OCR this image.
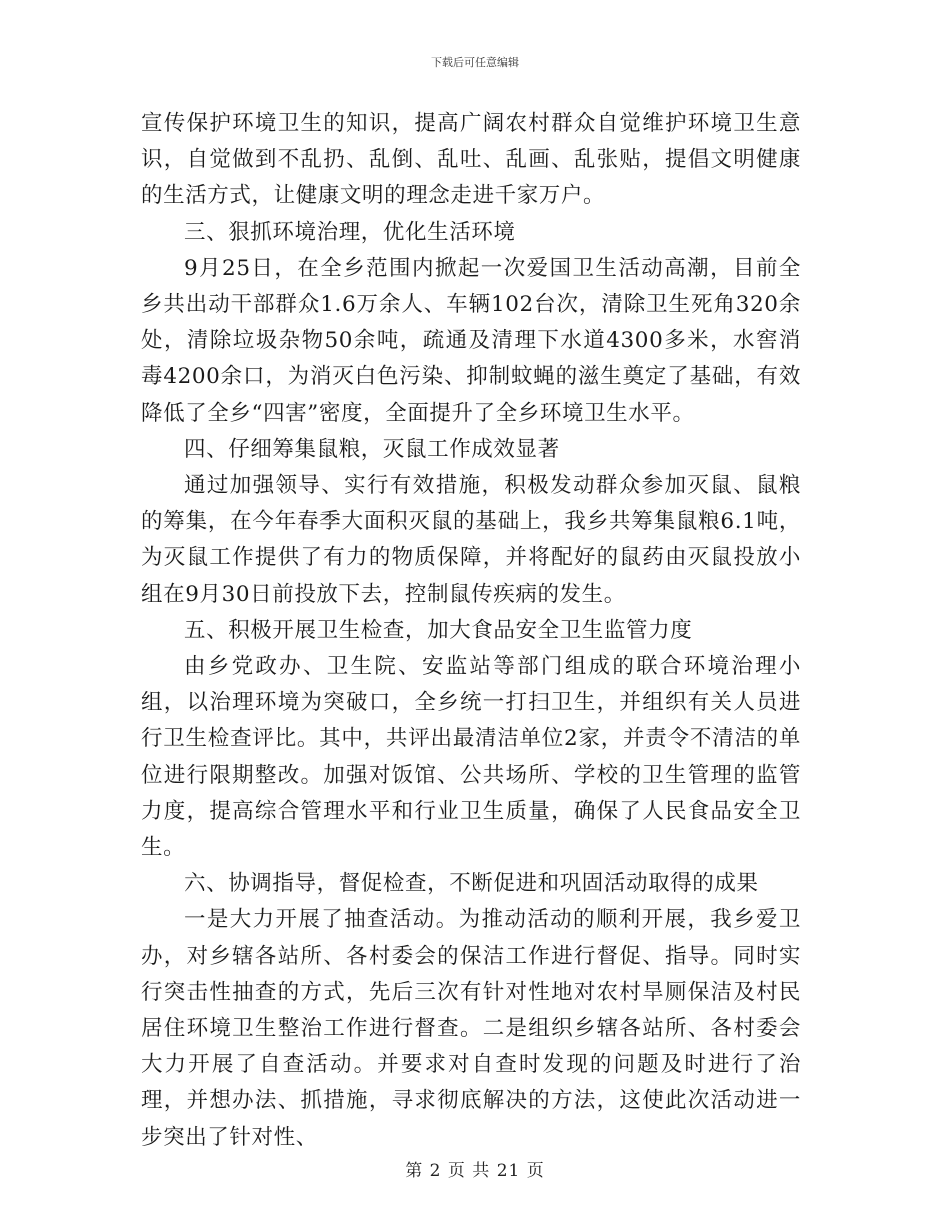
下载后可任意编辑

宣传保护环境卫生的知识，提高广阔农村群众自觉维护环境卫生意识，自觉做到不乱扔、乱倒、乱吐、乱画、乱张贴，提倡文明健康的生活方式，让健康文明的理念走进千家万户。

三、狠抓环境治理，优化生活环境

9月25日，在全乡范围内掀起一次爱国卫生活动高潮，目前全乡共出动干部群众1.6万余人、车辆102台次，清除卫生死角320余处，清除垃圾杂物50余吨，疏通及清理下水道4300多米，水窖消毒4200余口，为消灭白色污染、抑制蚊蝇的滋生奠定了基础，有效降低了全乡“四害”密度，全面提升了全乡环境卫生水平。

四、仔细筹集鼠粮，灭鼠工作成效显著

通过加强领导、实行有效措施，积极发动群众参加灭鼠、鼠粮的筹集，在今年春季大面积灭鼠的基础上，我乡共筹集鼠粮6.1吨，为灭鼠工作提供了有力的物质保障，并将配好的鼠药由灭鼠投放小组在9月30日前投放下去，控制鼠传疾病的发生。

五、积极开展卫生检查，加大食品安全卫生监管力度

由乡党政办、卫生院、安监站等部门组成的联合环境治理小组，以治理环境为突破口，全乡统一打扫卫生，并组织有关人员进行卫生检查评比。其中，共评出最清洁单位2家，并责令不清洁的单位进行限期整改。加强对饭馆、公共场所、学校的卫生管理的监管力度，提高综合管理水平和行业卫生质量，确保了人民食品安全卫生。

六、协调指导，督促检查，不断促进和巩固活动取得的成果

一是大力开展了抽查活动。为推动活动的顺利开展，我乡爱卫办，对乡辖各站所、各村委会的保洁工作进行督促、指导。同时实行突击性抽查的方式，先后三次有针对性地对农村旱厕保洁及村民居住环境卫生整治工作进行督查。二是组织乡辖各站所、各村委会大力开展了自查活动。并要求对自查时发现的问题及时进行了治理，并想办法、抓措施，寻求彻底解决的方法，这使此次活动进一步突出了针对性、

第 2 页 共 21 页
